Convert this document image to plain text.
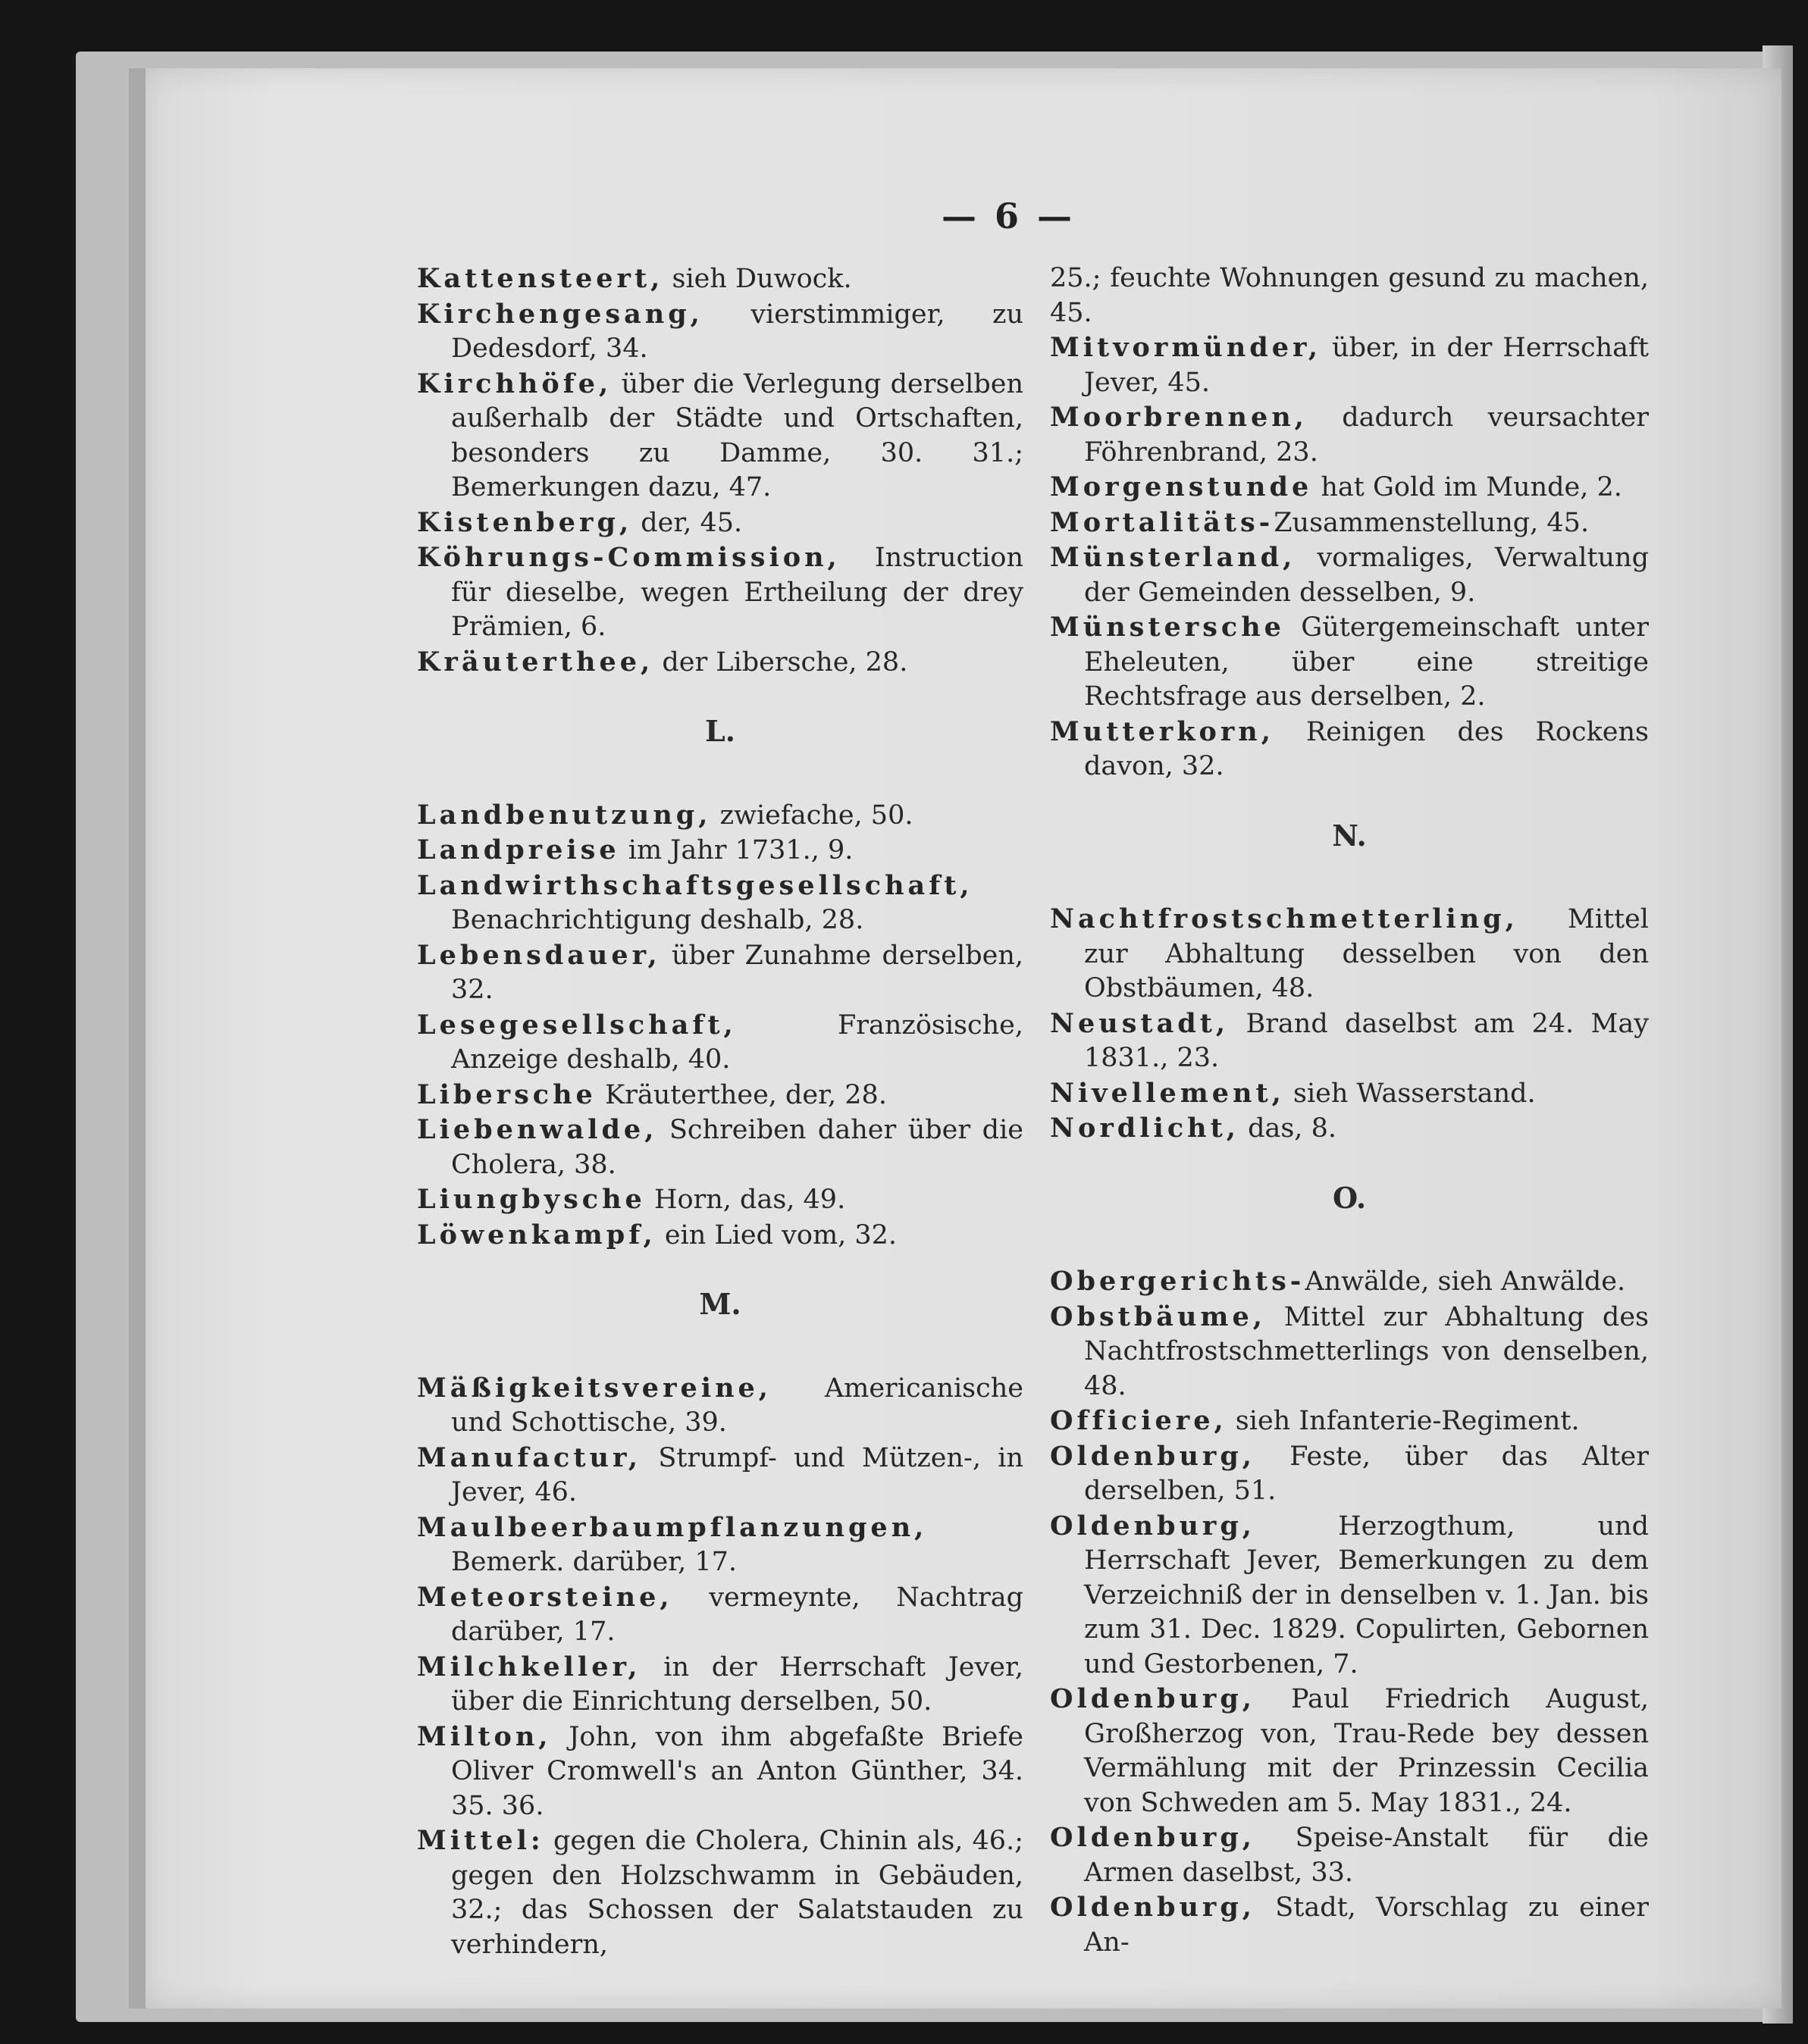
— 6 —

Kattensteert, sieh Duwock.

Kirchengesang, vierstimmiger, zu Dedesdorf, 34.

Kirchhöfe, über die Verlegung derselben außerhalb der Städte und Ortschaften, besonders zu Damme, 30. 31.; Bemerkungen dazu, 47.

Kistenberg, der, 45.

Köhrungs-Commission, Instruction für dieselbe, wegen Ertheilung der drey Prämien, 6.

Kräuterthee, der Libersche, 28.

L.

Landbenutzung, zwiefache, 50.

Landpreise im Jahr 1731., 9.

Landwirthschaftsgesellschaft, Benachrichtigung deshalb, 28.

Lebensdauer, über Zunahme derselben, 32.

Lesegesellschaft, Französische, Anzeige deshalb, 40.

Libersche Kräuterthee, der, 28.

Liebenwalde, Schreiben daher über die Cholera, 38.

Liungbysche Horn, das, 49.

Löwenkampf, ein Lied vom, 32.

M.

Mäßigkeitsvereine, Americanische und Schottische, 39.

Manufactur, Strumpf- und Mützen-, in Jever, 46.

Maulbeerbaumpflanzungen, Bemerk. darüber, 17.

Meteorsteine, vermeynte, Nachtrag darüber, 17.

Milchkeller, in der Herrschaft Jever, über die Einrichtung derselben, 50.

Milton, John, von ihm abgefaßte Briefe Oliver Cromwell's an Anton Günther, 34. 35. 36.

Mittel: gegen die Cholera, Chinin als, 46.; gegen den Holzschwamm in Gebäuden, 32.; das Schossen der Salatstauden zu verhindern,

25.; feuchte Wohnungen gesund zu machen, 45.

Mitvormünder, über, in der Herrschaft Jever, 45.

Moorbrennen, dadurch veursachter Föhrenbrand, 23.

Morgenstunde hat Gold im Munde, 2.

Mortalitäts-Zusammenstellung, 45.

Münsterland, vormaliges, Verwaltung der Gemeinden desselben, 9.

Münstersche Gütergemeinschaft unter Eheleuten, über eine streitige Rechtsfrage aus derselben, 2.

Mutterkorn, Reinigen des Rockens davon, 32.

N.

Nachtfrostschmetterling, Mittel zur Abhaltung desselben von den Obstbäumen, 48.

Neustadt, Brand daselbst am 24. May 1831., 23.

Nivellement, sieh Wasserstand.

Nordlicht, das, 8.

O.

Obergerichts-Anwälde, sieh Anwälde.

Obstbäume, Mittel zur Abhaltung des Nachtfrostschmetterlings von denselben, 48.

Officiere, sieh Infanterie-Regiment.

Oldenburg, Feste, über das Alter derselben, 51.

Oldenburg, Herzogthum, und Herrschaft Jever, Bemerkungen zu dem Verzeichniß der in denselben v. 1. Jan. bis zum 31. Dec. 1829. Copulirten, Gebornen und Gestorbenen, 7.

Oldenburg, Paul Friedrich August, Großherzog von, Trau-Rede bey dessen Vermählung mit der Prinzessin Cecilia von Schweden am 5. May 1831., 24.

Oldenburg, Speise-Anstalt für die Armen daselbst, 33.

Oldenburg, Stadt, Vorschlag zu einer An-
